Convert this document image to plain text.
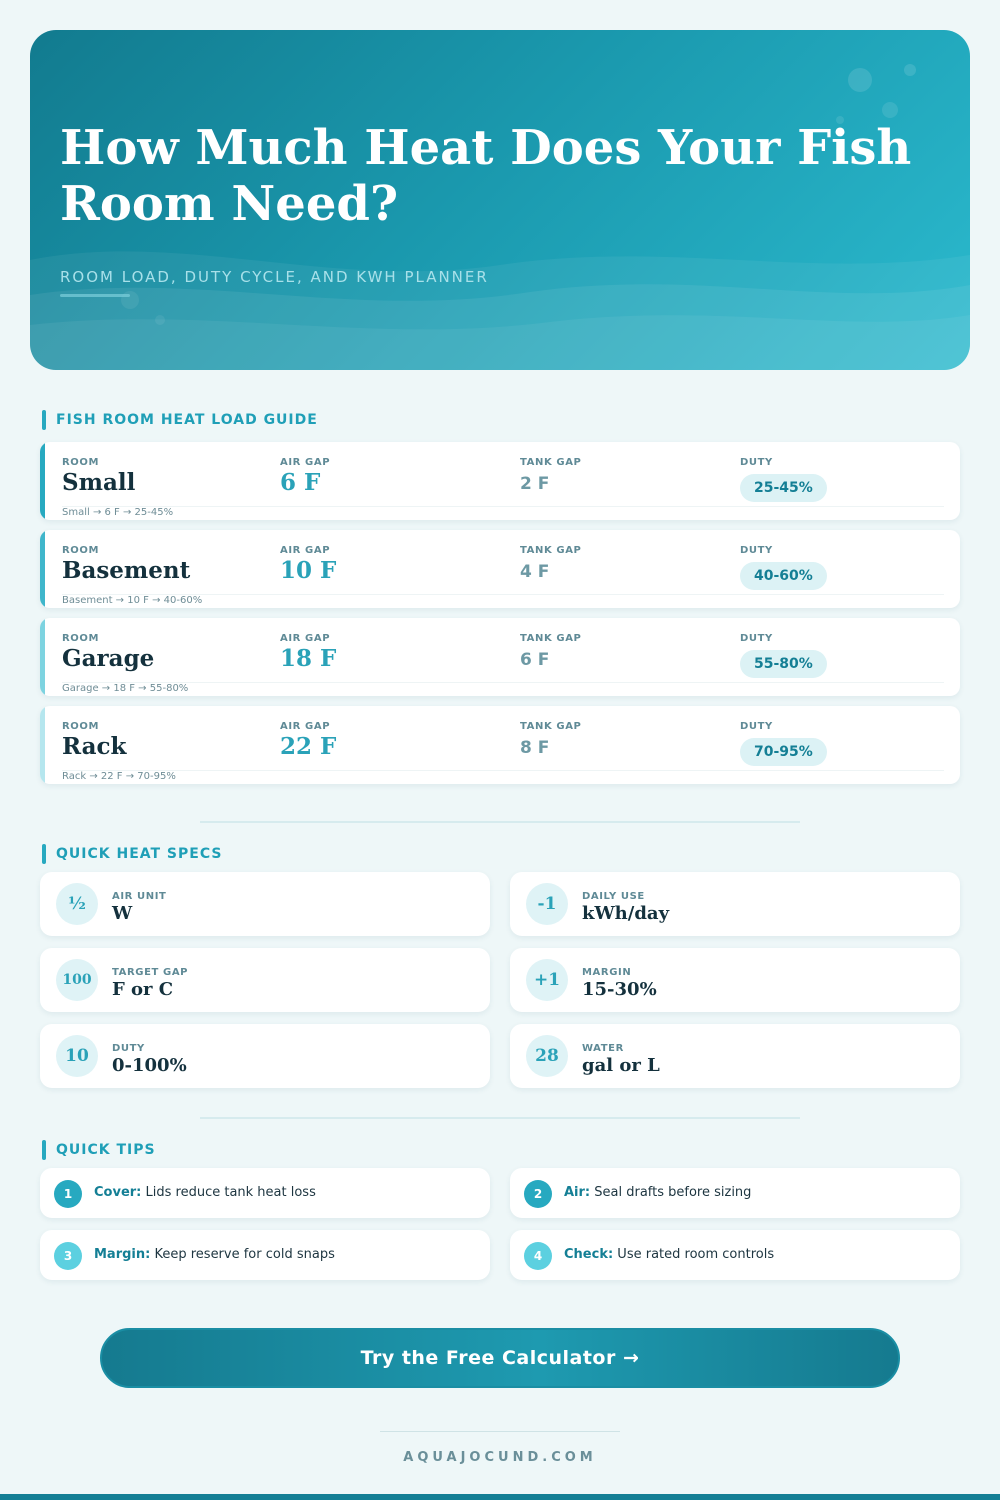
How Much Heat Does Your Fish Room Need?
ROOM LOAD, DUTY CYCLE, AND KWH PLANNER
FISH ROOM HEAT LOAD GUIDE
ROOM	AIR GAP	TANK GAP	DUTY
Small	6 F	2 F	25-45%
Small → 6 F → 25-45%
ROOM	AIR GAP	TANK GAP	DUTY
Basement	10 F	4 F	40-60%
Basement → 10 F → 40-60%
ROOM	AIR GAP	TANK GAP	DUTY
Garage	18 F	6 F	55-80%
Garage → 18 F → 55-80%
ROOM	AIR GAP	TANK GAP	DUTY
Rack	22 F	8 F	70-95%
Rack → 22 F → 70-95%
QUICK HEAT SPECS
½	AIR UNIT
W	-1	DAILY USE
kWh/day
100	TARGET GAP
F or C	+1	MARGIN
15-30%
10	DUTY
0-100%	28	WATER
gal or L
QUICK TIPS
1	Cover: Lids reduce tank heat loss	2	Air: Seal drafts before sizing
3	Margin: Keep reserve for cold snaps	4	Check: Use rated room controls
Try the Free Calculator →
AQUAJOCUND.COM
